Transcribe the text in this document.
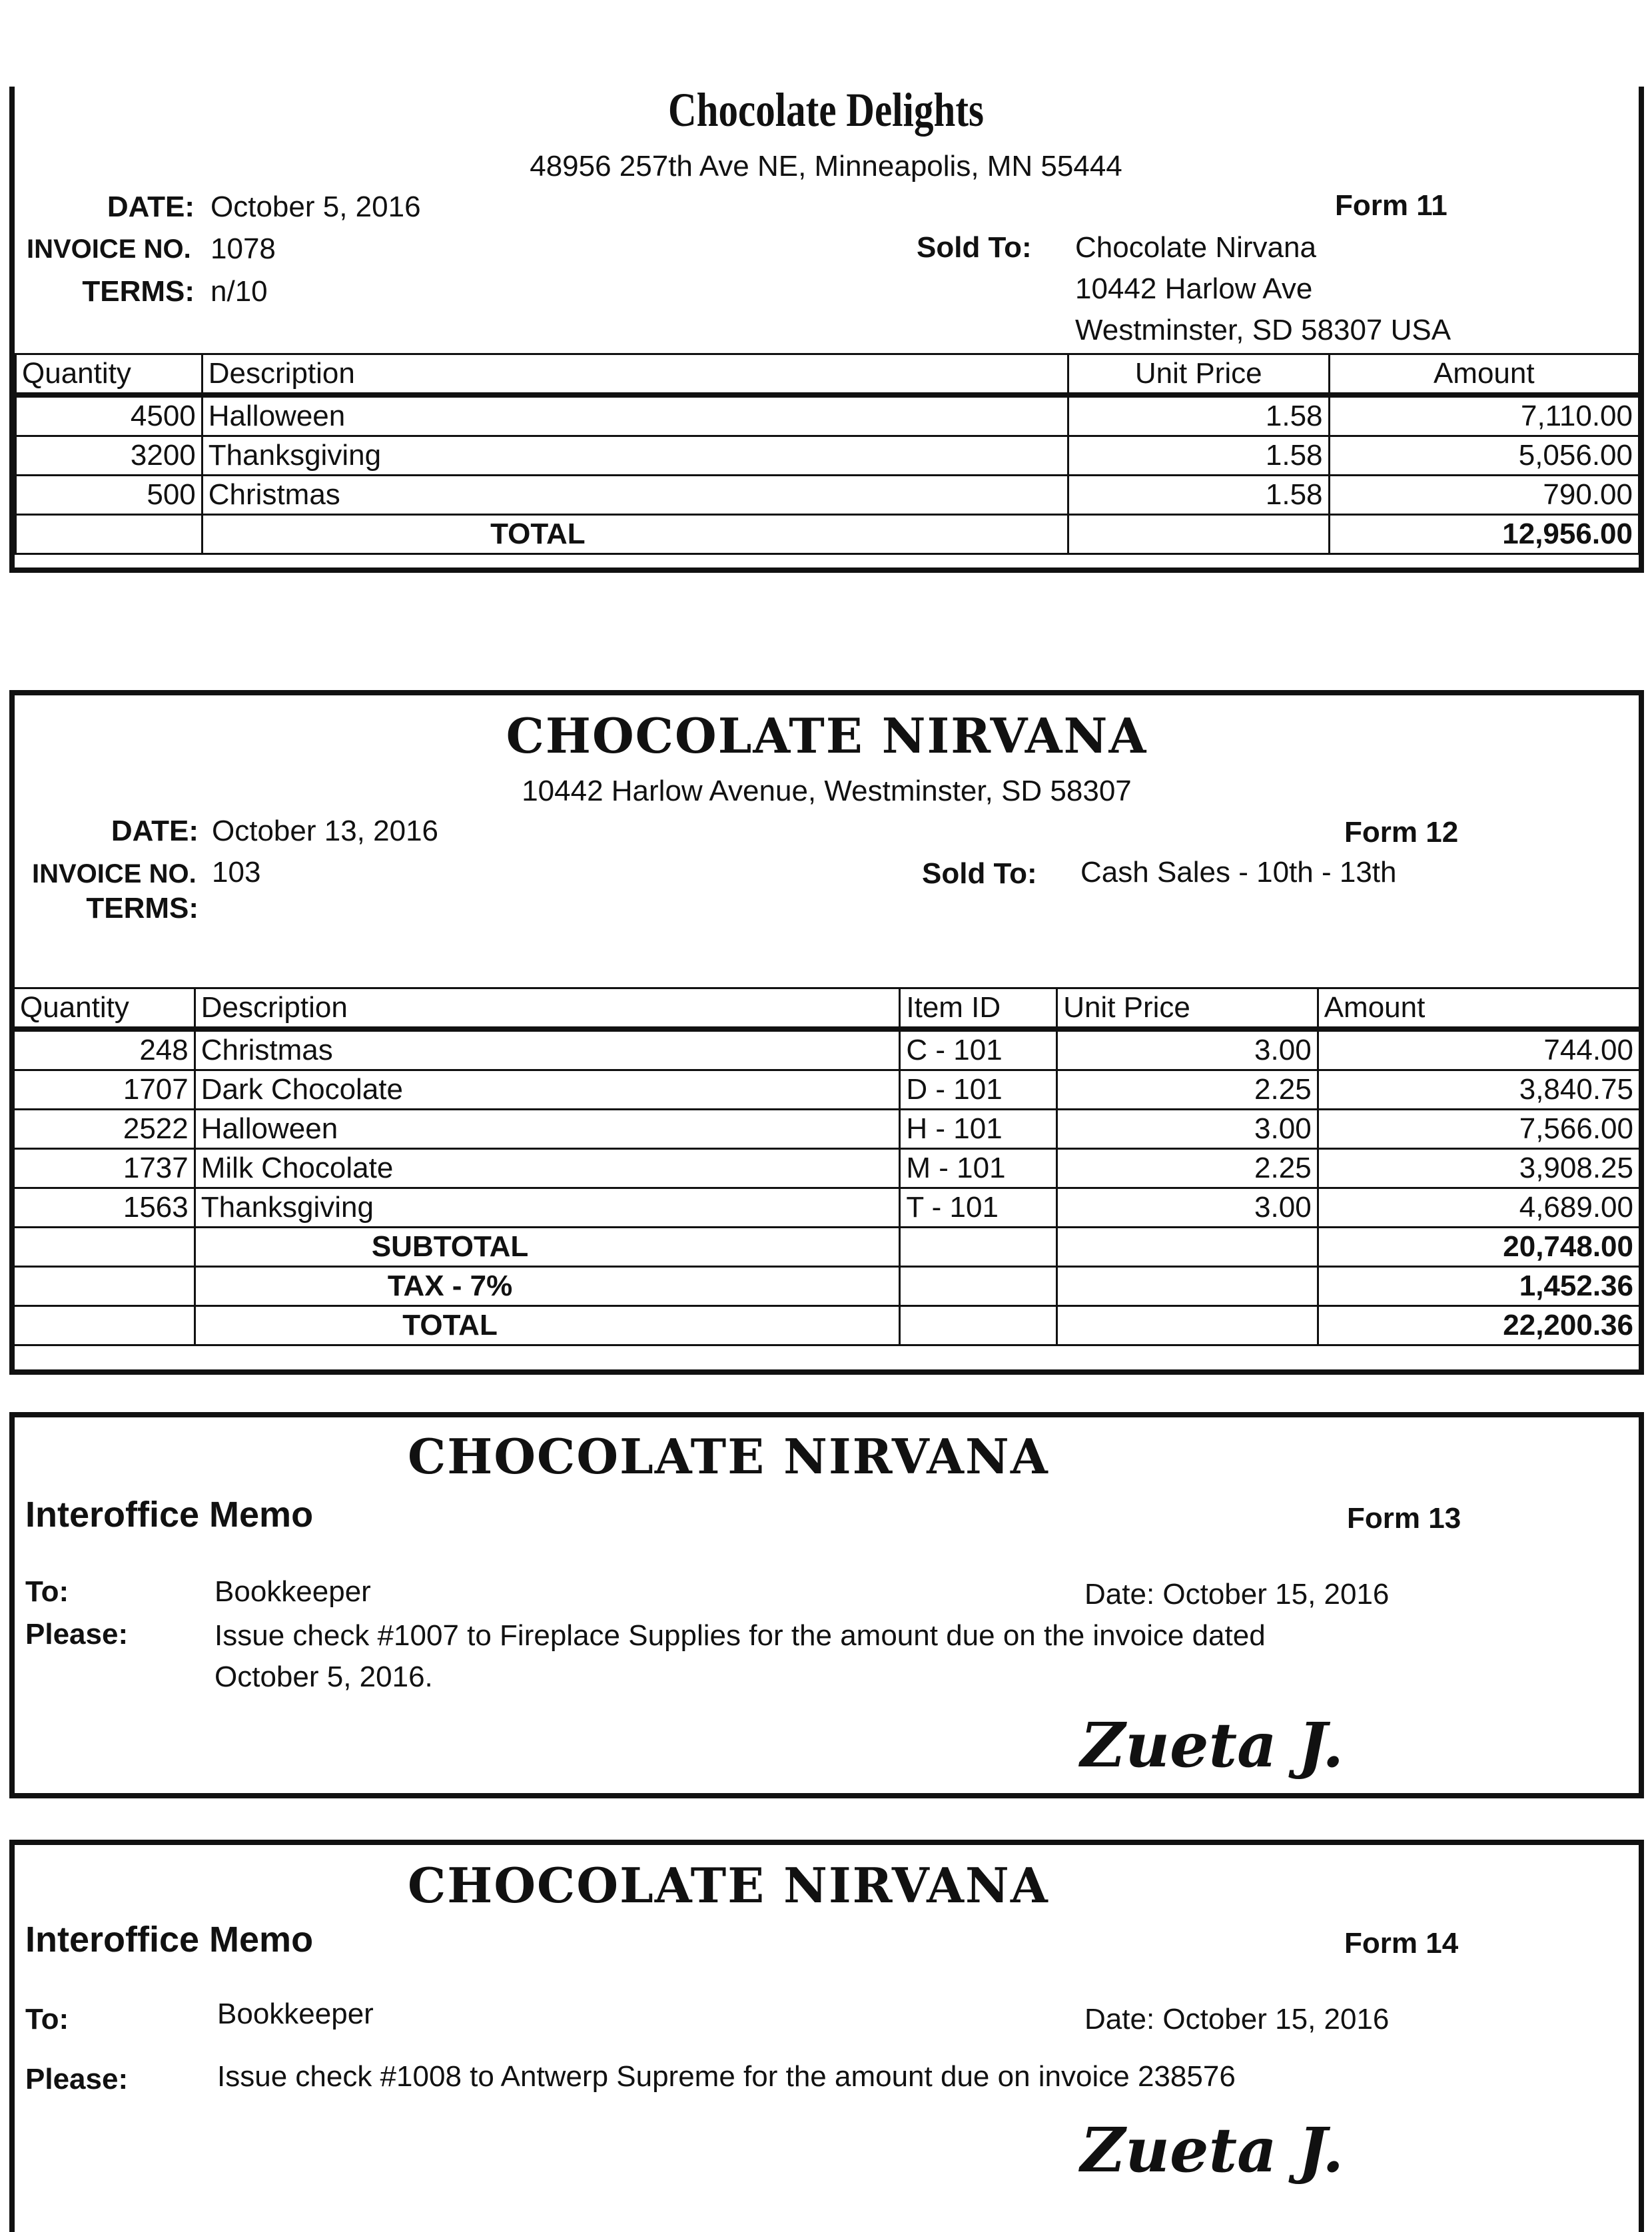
Chocolate Delights
48956 257th Ave NE, Minneapolis, MN 55444
DATE: October 5, 2016
INVOICE NO. 1078
TERMS: n/10
Form 11
Sold To: Chocolate Nirvana
10442 Harlow Ave
Westminster, SD 58307 USA
Quantity	Description	Unit Price	Amount
4500	Halloween	1.58	7,110.00
3200	Thanksgiving	1.58	5,056.00
500	Christmas	1.58	790.00
	TOTAL		12,956.00
CHOCOLATE NIRVANA
10442 Harlow Avenue, Westminster, SD 58307
DATE: October 13, 2016
INVOICE NO. 103
TERMS:
Form 12
Sold To: Cash Sales - 10th - 13th
Quantity	Description	Item ID	Unit Price	Amount
248	Christmas	C - 101	3.00	744.00
1707	Dark Chocolate	D - 101	2.25	3,840.75
2522	Halloween	H - 101	3.00	7,566.00
1737	Milk Chocolate	M - 101	2.25	3,908.25
1563	Thanksgiving	T - 101	3.00	4,689.00
	SUBTOTAL			20,748.00
	TAX - 7%			1,452.36
	TOTAL			22,200.36
CHOCOLATE NIRVANA
Interoffice Memo	Form 13
To:	Bookkeeper	Date: October 15, 2016
Please:	Issue check #1007 to Fireplace Supplies for the amount due on the invoice dated
October 5, 2016.
Zueta J.
CHOCOLATE NIRVANA
Interoffice Memo	Form 14
To:	Bookkeeper	Date: October 15, 2016
Please:	Issue check #1008 to Antwerp Supreme for the amount due on invoice 238576
Zueta J.
